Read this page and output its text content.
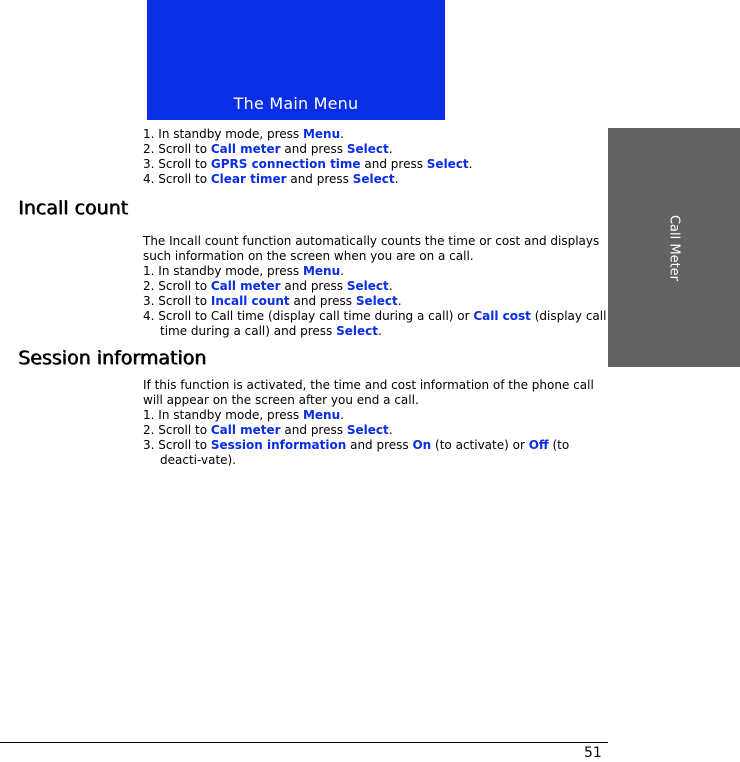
The Main Menu
Call Meter
1. In standby mode, press Menu.
2. Scroll to Call meter and press Select.
3. Scroll to GPRS connection time and press Select.
4. Scroll to Clear timer and press Select.
Incall count

The Incall count function automatically counts the time or cost and displays such information on the screen when you are on a call.

1. In standby mode, press Menu.
2. Scroll to Call meter and press Select.
3. Scroll to Incall count and press Select.
4. Scroll to Call time (display call time during a call) or Call cost (display call time during a call) and press Select.
Session information

If this function is activated, the time and cost information of the phone call will appear on the screen after you end a call.

1. In standby mode, press Menu.
2. Scroll to Call meter and press Select.
3. Scroll to Session information and press On (to activate) or Off (to deacti-vate).
51
